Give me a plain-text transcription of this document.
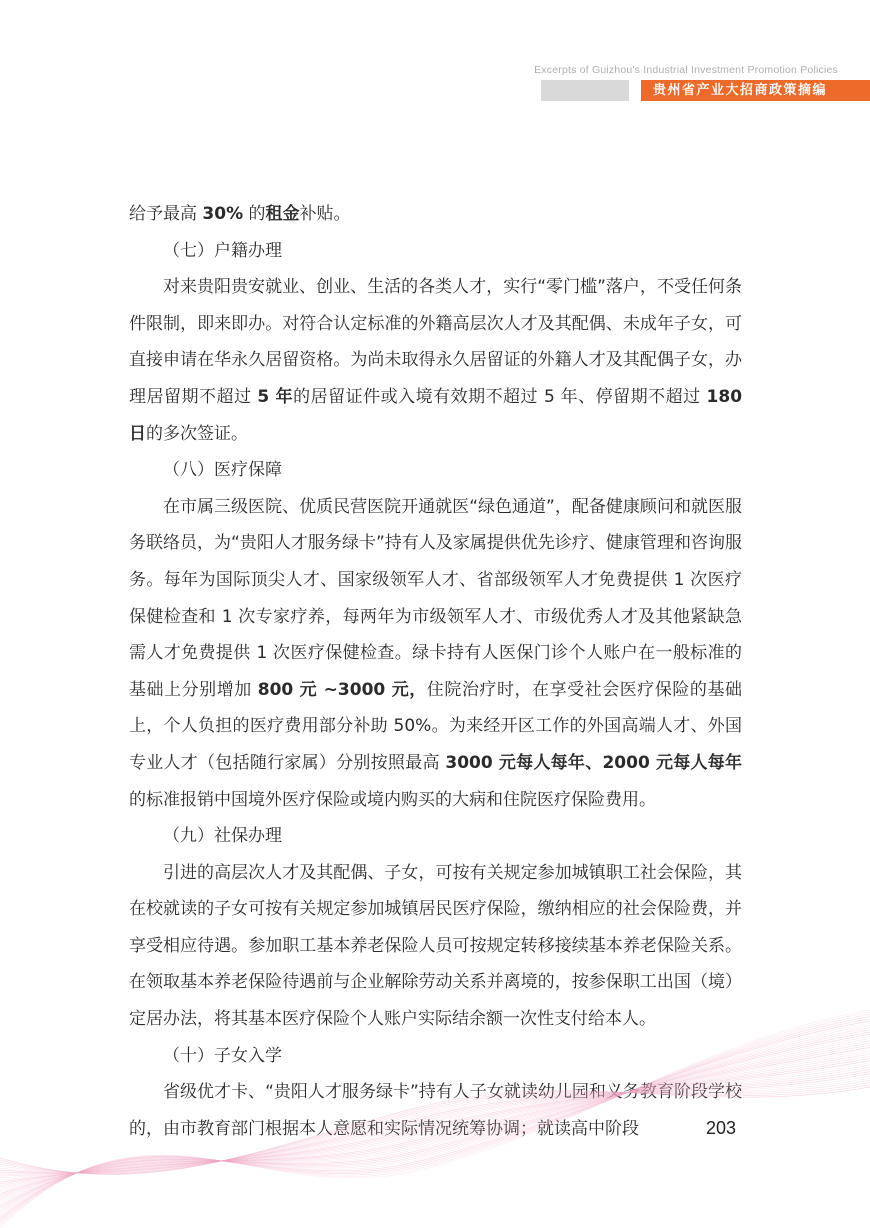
Excerpts of Guizhou's Industrial Investment Promotion Policies
贵州省产业大招商政策摘编

给予最高 30% 的租金补贴。

（七）户籍办理

对来贵阳贵安就业、创业、生活的各类人才，实行“零门槛”落户，不受任何条件限制，即来即办。对符合认定标准的外籍高层次人才及其配偶、未成年子女，可直接申请在华永久居留资格。为尚未取得永久居留证的外籍人才及其配偶子女，办理居留期不超过 5 年的居留证件或入境有效期不超过 5 年、停留期不超过 180 日的多次签证。

（八）医疗保障

在市属三级医院、优质民营医院开通就医“绿色通道”，配备健康顾问和就医服务联络员，为“贵阳人才服务绿卡”持有人及家属提供优先诊疗、健康管理和咨询服务。每年为国际顶尖人才、国家级领军人才、省部级领军人才免费提供 1 次医疗保健检查和 1 次专家疗养，每两年为市级领军人才、市级优秀人才及其他紧缺急需人才免费提供 1 次医疗保健检查。绿卡持有人医保门诊个人账户在一般标准的基础上分别增加 800 元 ~3000 元，住院治疗时，在享受社会医疗保险的基础上，个人负担的医疗费用部分补助 50%。为来经开区工作的外国高端人才、外国专业人才（包括随行家属）分别按照最高 3000 元每人每年、2000 元每人每年的标准报销中国境外医疗保险或境内购买的大病和住院医疗保险费用。

（九）社保办理

引进的高层次人才及其配偶、子女，可按有关规定参加城镇职工社会保险，其在校就读的子女可按有关规定参加城镇居民医疗保险，缴纳相应的社会保险费，并享受相应待遇。参加职工基本养老保险人员可按规定转移接续基本养老保险关系。在领取基本养老保险待遇前与企业解除劳动关系并离境的，按参保职工出国（境）定居办法，将其基本医疗保险个人账户实际结余额一次性支付给本人。

（十）子女入学

省级优才卡、“贵阳人才服务绿卡”持有人子女就读幼儿园和义务教育阶段学校的，由市教育部门根据本人意愿和实际情况统筹协调；就读高中阶段	203
